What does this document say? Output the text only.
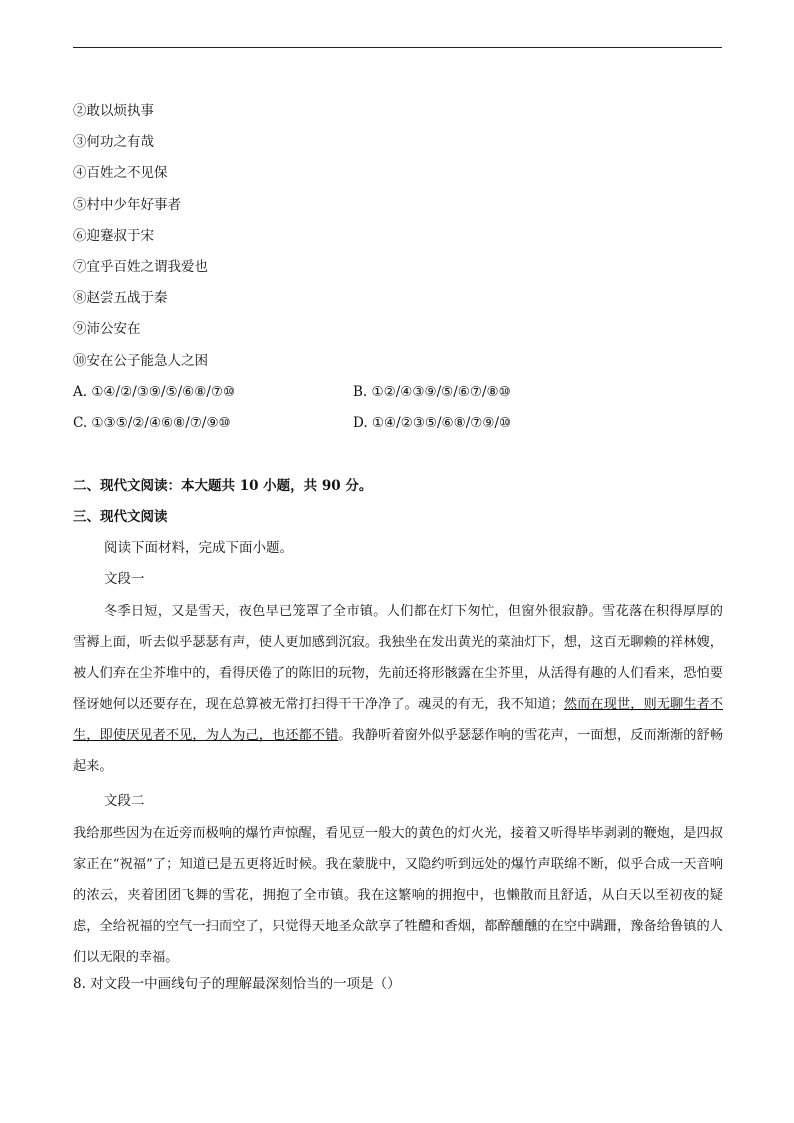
②敢以烦执事
③何功之有哉
④百姓之不见保
⑤村中少年好事者
⑥迎蹇叔于宋
⑦宜乎百姓之谓我爱也
⑧赵尝五战于秦
⑨沛公安在
⑩安在公子能急人之困
A. ①④/②/③⑨/⑤/⑥⑧/⑦⑩	B. ①②/④③⑨/⑤/⑥⑦/⑧⑩
C. ①③⑤/②/④⑥⑧/⑦/⑨⑩	D. ①④/②③⑤/⑥⑧/⑦⑨/⑩
二、现代文阅读：本大题共 10 小题，共 90 分。
三、现代文阅读
阅读下面材料，完成下面小题。
文段一
冬季日短，又是雪天，夜色早已笼罩了全市镇。人们都在灯下匆忙，但窗外很寂静。雪花落在积得厚厚的雪褥上面，听去似乎瑟瑟有声，使人更加感到沉寂。我独坐在发出黄光的菜油灯下，想，这百无聊赖的祥林嫂，被人们弃在尘芥堆中的，看得厌倦了的陈旧的玩物，先前还将形骸露在尘芥里，从活得有趣的人们看来，恐怕要怪讶她何以还要存在，现在总算被无常打扫得干干净净了。魂灵的有无，我不知道；然而在现世，则无聊生者不生，即使厌见者不见，为人为己，也还都不错。我静听着窗外似乎瑟瑟作响的雪花声，一面想，反而渐渐的舒畅起来。
文段二
我给那些因为在近旁而极响的爆竹声惊醒，看见豆一般大的黄色的灯火光，接着又听得毕毕剥剥的鞭炮，是四叔家正在“祝福”了；知道已是五更将近时候。我在蒙胧中，又隐约听到远处的爆竹声联绵不断，似乎合成一天音响的浓云，夹着团团飞舞的雪花，拥抱了全市镇。我在这繁响的拥抱中，也懒散而且舒适，从白天以至初夜的疑虑，全给祝福的空气一扫而空了，只觉得天地圣众歆享了牲醴和香烟，都醉醺醺的在空中蹒跚，豫备给鲁镇的人们以无限的幸福。
8. 对文段一中画线句子的理解最深刻恰当的一项是（）
